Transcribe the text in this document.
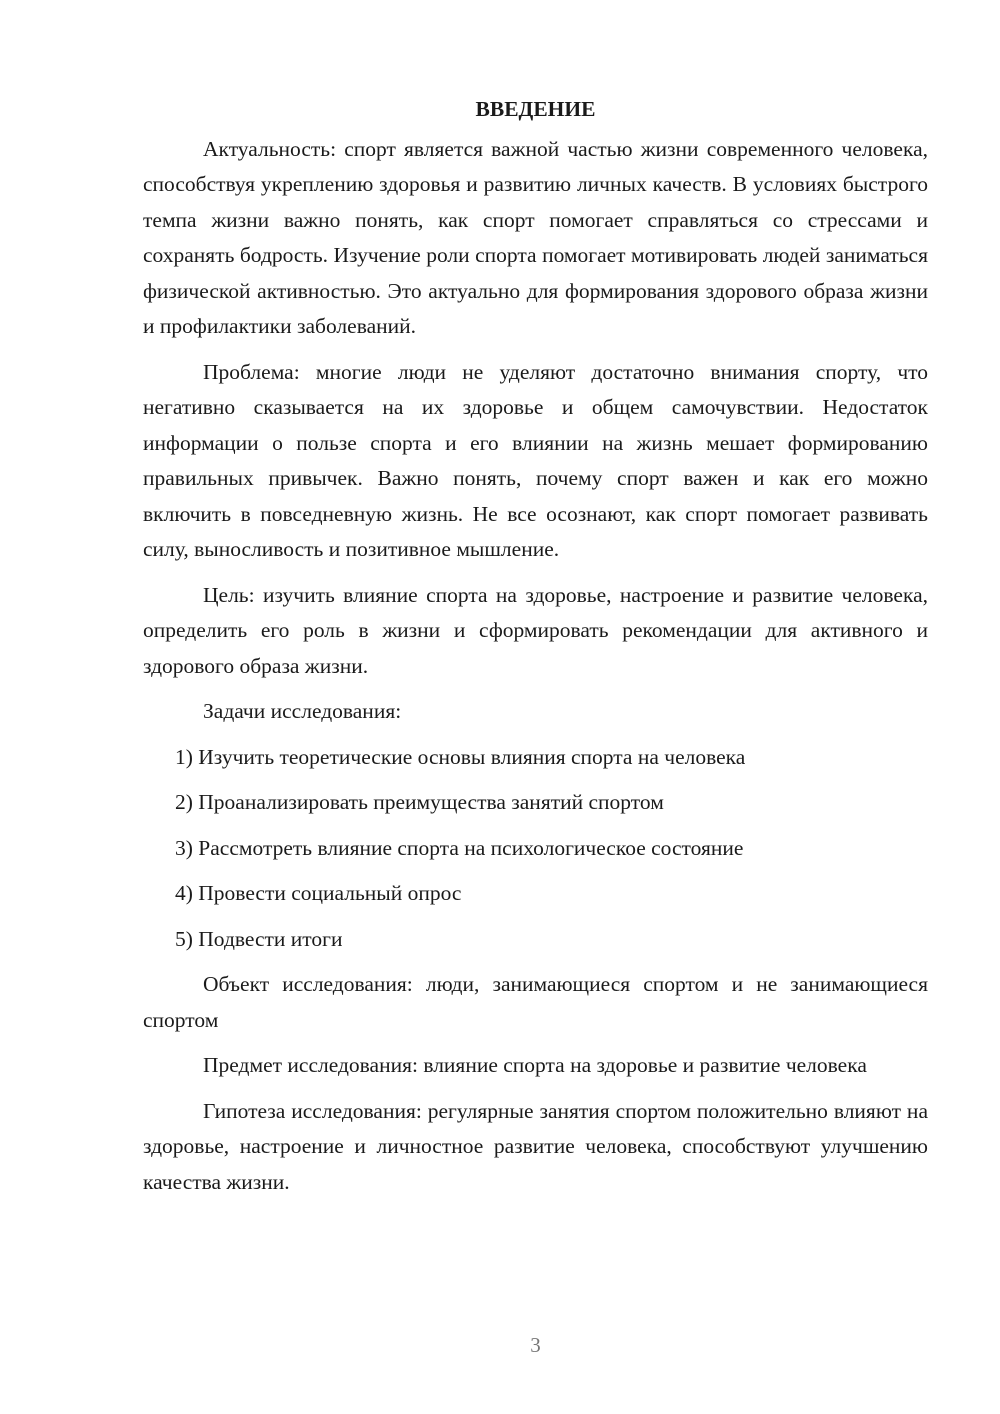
ВВЕДЕНИЕ

Актуальность: спорт является важной частью жизни современного человека, способствуя укреплению здоровья и развитию личных качеств. В условиях быстрого темпа жизни важно понять, как спорт помогает справляться со стрессами и сохранять бодрость. Изучение роли спорта помогает мотивировать людей заниматься физической активностью. Это актуально для формирования здорового образа жизни и профилактики заболеваний.

Проблема: многие люди не уделяют достаточно внимания спорту, что негативно сказывается на их здоровье и общем самочувствии. Недостаток информации о пользе спорта и его влиянии на жизнь мешает формированию правильных привычек. Важно понять, почему спорт важен и как его можно включить в повседневную жизнь. Не все осознают, как спорт помогает развивать силу, выносливость и позитивное мышление.

Цель: изучить влияние спорта на здоровье, настроение и развитие человека, определить его роль в жизни и сформировать рекомендации для активного и здорового образа жизни.

Задачи исследования:

1) Изучить теоретические основы влияния спорта на человека
2) Проанализировать преимущества занятий спортом
3) Рассмотреть влияние спорта на психологическое состояние
4) Провести социальный опрос
5) Подвести итоги

Объект исследования: люди, занимающиеся спортом и не занимающиеся спортом

Предмет исследования: влияние спорта на здоровье и развитие человека

Гипотеза исследования: регулярные занятия спортом положительно влияют на здоровье, настроение и личностное развитие человека, способствуют улучшению качества жизни.

3
